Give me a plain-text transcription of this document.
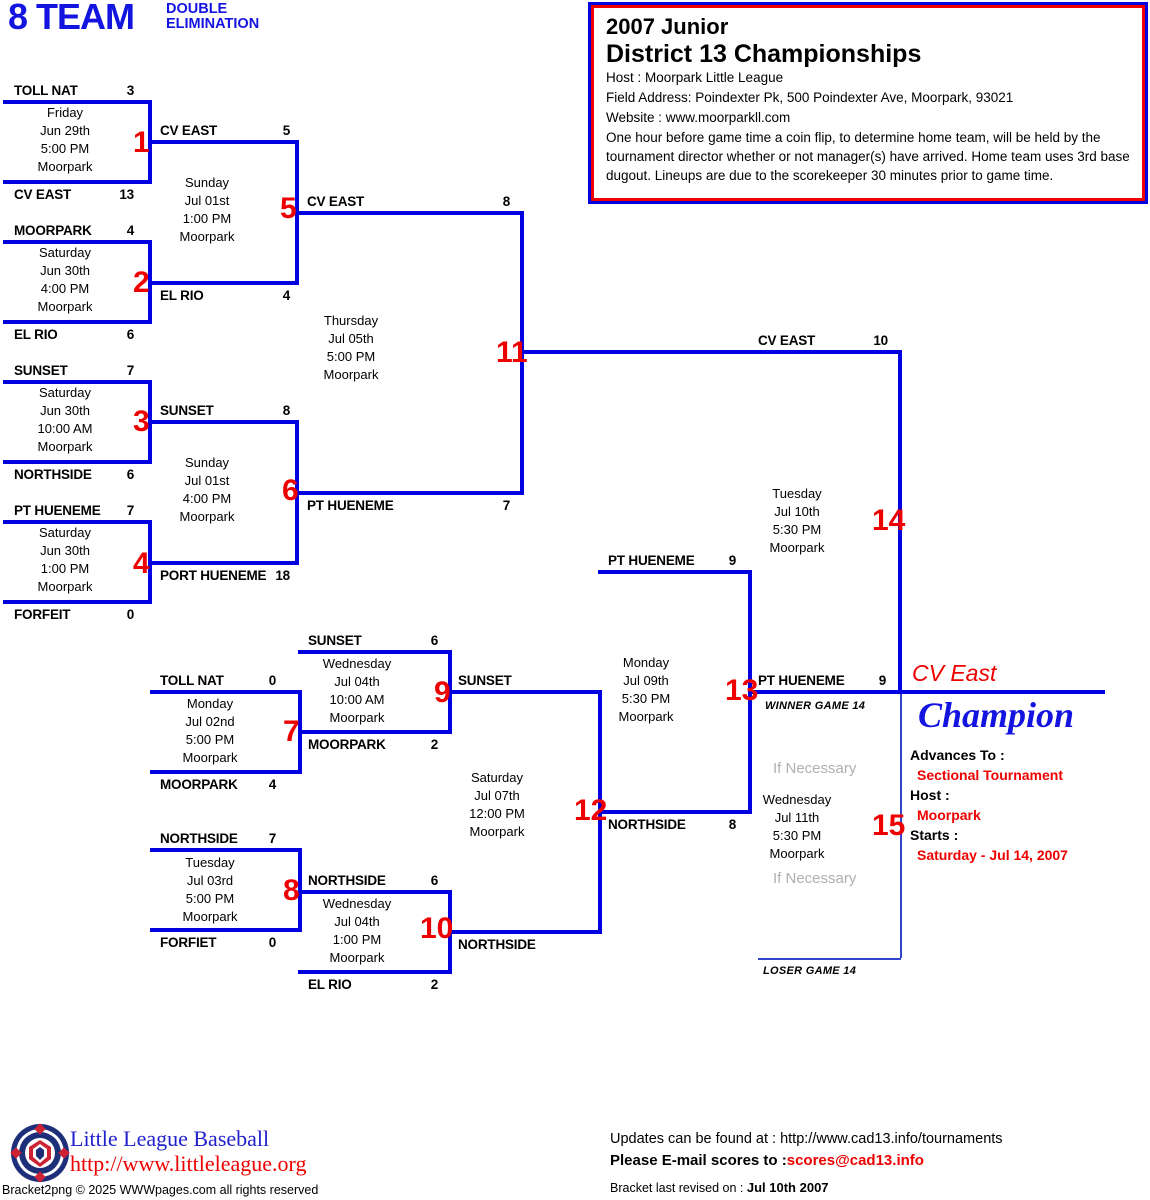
8 TEAM DOUBLE
ELIMINATION	2007 Junior
District 13 Championships
Host : Moorpark Little League
Field Address: Poindexter Pk, 500 Poindexter Ave, Moorpark, 93021
Website : www.moorparkll.com
One hour before game time a coin flip, to determine home team, will be held by the tournament director whether or not manager(s) have arrived. Home team uses 3rd base dugout. Lineups are due to the scorekeeper 30 minutes prior to game time.
TOLL NAT	3
CV EAST	13
MOORPARK	4
EL RIO	6
SUNSET	7
NORTHSIDE	6
PT HUENEME 7
FORFEIT	0
CV EAST	5
EL RIO	4
SUNSET	8
PORT HUENEME 18
CV EAST	8
PT HUENEME	7
CV EAST	10
PT HUENEME	9
TOLL NAT	0
MOORPARK 4
NORTHSIDE 7
FORFIET	0
SUNSET	6
MOORPARK	2
NORTHSIDE	6
EL RIO	2
SUNSET
NORTHSIDE
PT HUENEME	9
NORTHSIDE	8
1
2
3
4
5
6
7
8
9
10
11
12
13
14
15
Friday
Jun 29th
5:00 PM
Moorpark
Saturday
Jun 30th
4:00 PM
Moorpark
Saturday
Jun 30th
10:00 AM
Moorpark
Saturday
Jun 30th
1:00 PM
Moorpark
Sunday
Jul 01st
1:00 PM
Moorpark
Sunday
Jul 01st
4:00 PM
Moorpark
Monday
Jul 02nd
5:00 PM
Moorpark
Tuesday
Jul 03rd
5:00 PM
Moorpark
Wednesday
Jul 04th
10:00 AM
Moorpark
Wednesday
Jul 04th
1:00 PM
Moorpark
Thursday
Jul 05th
5:00 PM
Moorpark
Saturday
Jul 07th
12:00 PM
Moorpark
Monday
Jul 09th
5:30 PM
Moorpark
Tuesday
Jul 10th
5:30 PM
Moorpark
Wednesday
Jul 11th
5:30 PM
Moorpark
WINNER GAME 14
LOSER GAME 14
If Necessary
If Necessary
CV East
Champion
Advances To :
Sectional Tournament
Host :
Moorpark
Starts :
Saturday - Jul 14, 2007
Little League Baseball
http://www.littleleague.org
Bracket2png © 2025 WWWpages.com all rights reserved
Updates can be found at : http://www.cad13.info/tournaments
Please E-mail scores to :scores@cad13.info
Bracket last revised on : Jul 10th 2007
